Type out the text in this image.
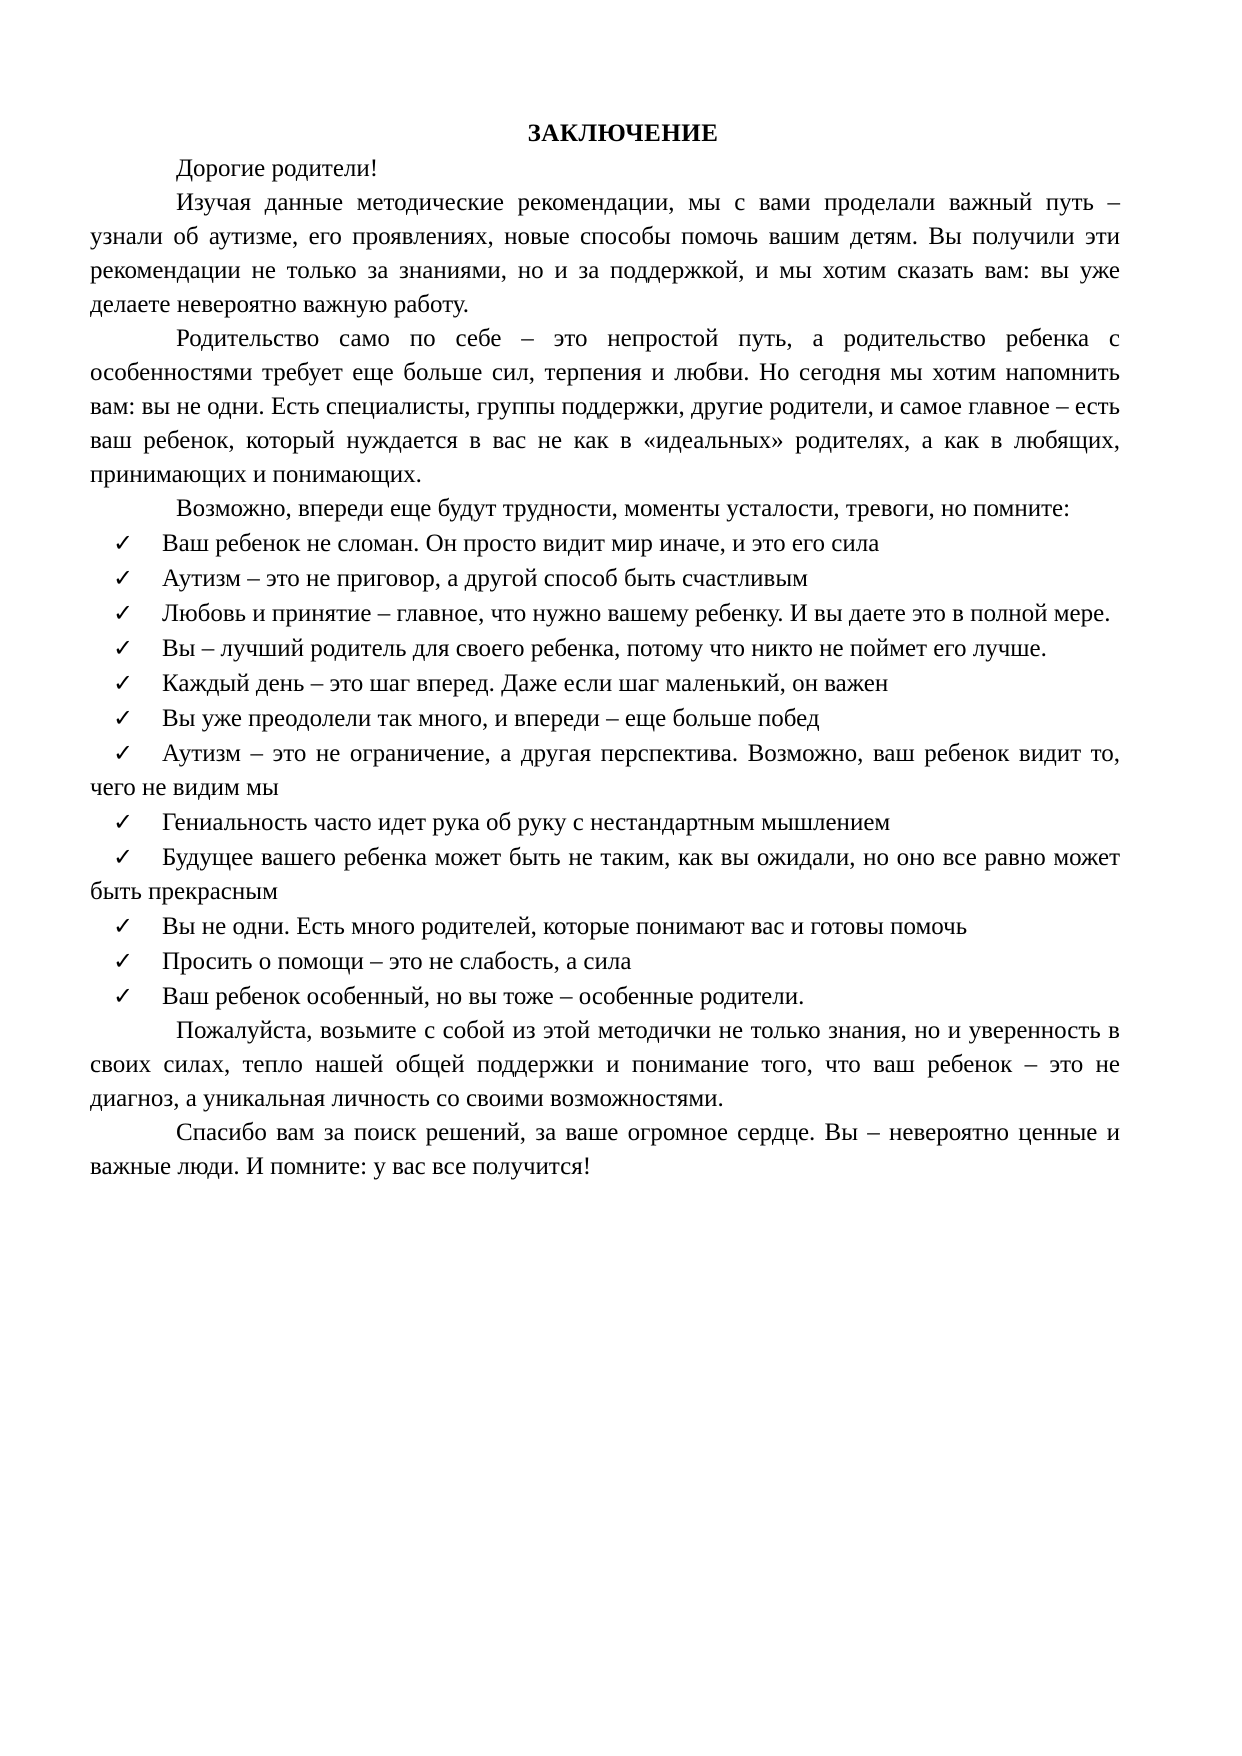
ЗАКЛЮЧЕНИЕ

Дорогие родители!

Изучая данные методические рекомендации, мы с вами проделали важный путь – узнали об аутизме, его проявлениях, новые способы помочь вашим детям. Вы получили эти рекомендации не только за знаниями, но и за поддержкой, и мы хотим сказать вам: вы уже делаете невероятно важную работу.

Родительство само по себе – это непростой путь, а родительство ребенка с особенностями требует еще больше сил, терпения и любви. Но сегодня мы хотим напомнить вам: вы не одни. Есть специалисты, группы поддержки, другие родители, и самое главное – есть ваш ребенок, который нуждается в вас не как в «идеальных» родителях, а как в любящих, принимающих и понимающих.

Возможно, впереди еще будут трудности, моменты усталости, тревоги, но помните:

✓ Ваш ребенок не сломан. Он просто видит мир иначе, и это его сила
✓ Аутизм – это не приговор, а другой способ быть счастливым
✓ Любовь и принятие – главное, что нужно вашему ребенку. И вы даете это в полной мере.
✓ Вы – лучший родитель для своего ребенка, потому что никто не поймет его лучше.
✓ Каждый день – это шаг вперед. Даже если шаг маленький, он важен
✓ Вы уже преодолели так много, и впереди – еще больше побед
✓ Аутизм – это не ограничение, а другая перспектива. Возможно, ваш ребенок видит то, чего не видим мы
✓ Гениальность часто идет рука об руку с нестандартным мышлением
✓ Будущее вашего ребенка может быть не таким, как вы ожидали, но оно все равно может быть прекрасным
✓ Вы не одни. Есть много родителей, которые понимают вас и готовы помочь
✓ Просить о помощи – это не слабость, а сила
✓ Ваш ребенок особенный, но вы тоже – особенные родители.

Пожалуйста, возьмите с собой из этой методички не только знания, но и уверенность в своих силах, тепло нашей общей поддержки и понимание того, что ваш ребенок – это не диагноз, а уникальная личность со своими возможностями.

Спасибо вам за поиск решений, за ваше огромное сердце. Вы – невероятно ценные и важные люди. И помните: у вас все получится!
